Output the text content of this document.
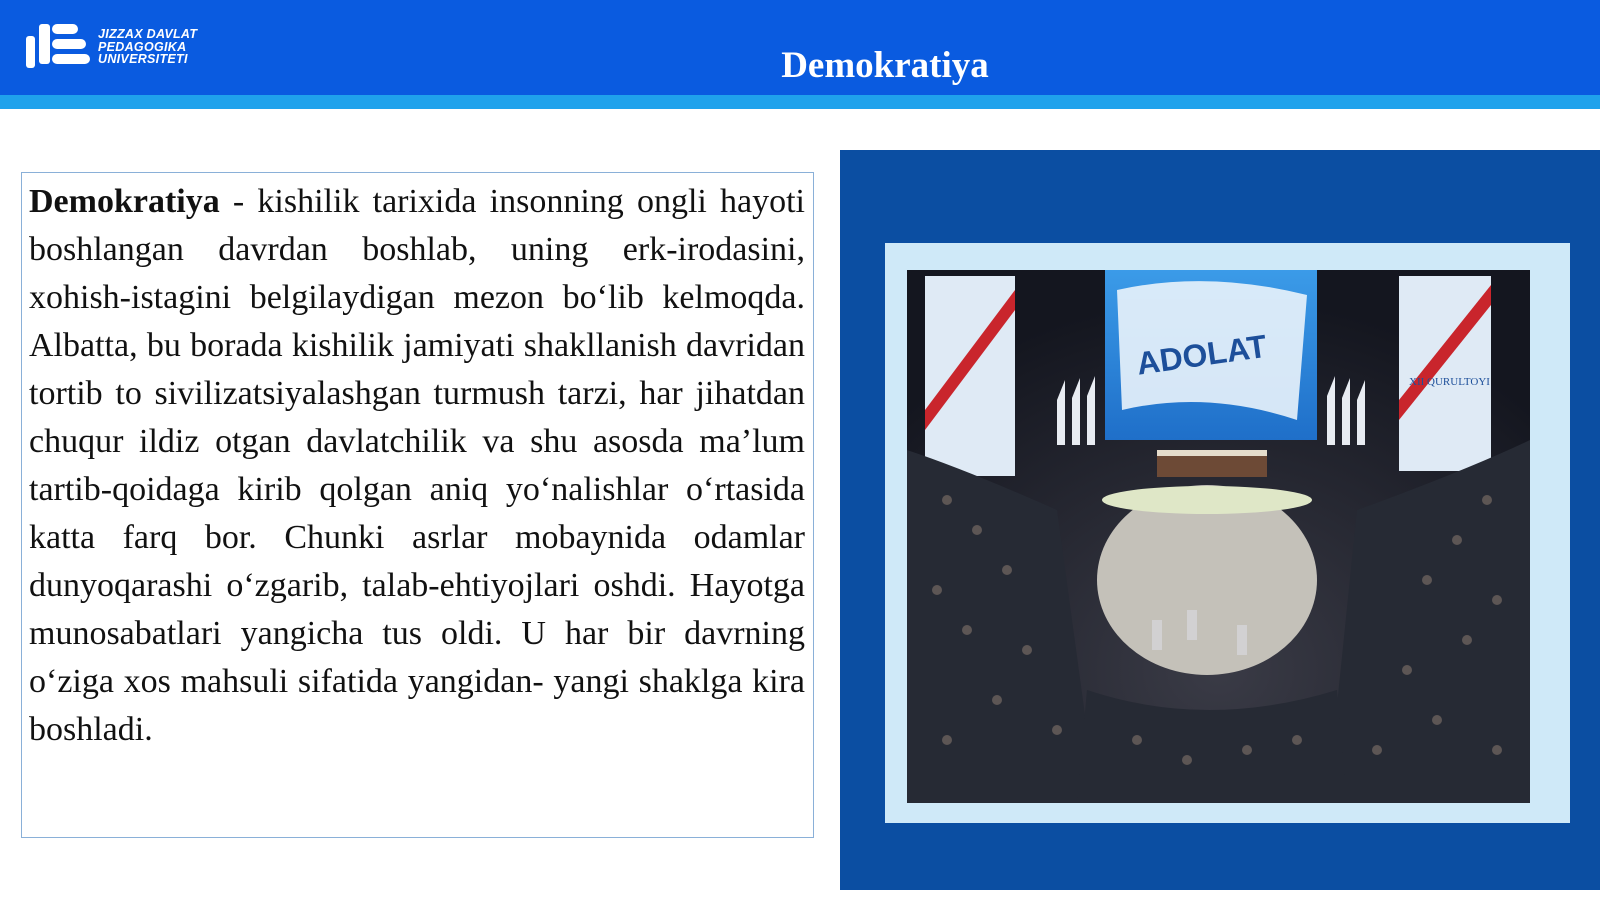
JIZZAX DAVLAT
PEDAGOGIKA
UNIVERSITETI	Demokratiya

Demokratiya - kishilik tarixida insonning ongli hayoti boshlangan davrdan boshlab, uning erk-irodasini, xohish-istagini belgilaydigan mezon bo‘lib kelmoqda. Albatta, bu borada kishilik jamiyati shakllanish davridan tortib to sivilizatsiyalashgan turmush tarzi, har jihatdan chuqur ildiz otgan davlatchilik va shu asosda ma’lum tartib-qoidaga kirib qolgan aniq yo‘nalishlar o‘rtasida katta farq bor. Chunki asrlar mobaynida odamlar dunyoqarashi o‘zgarib, talab-ehtiyojlari oshdi. Hayotga munosabatlari yangicha tus oldi. U har bir davrning o‘ziga xos mahsuli sifatida yangidan- yangi shaklga kira boshladi.

ADOLAT
XII QURULTOYI
